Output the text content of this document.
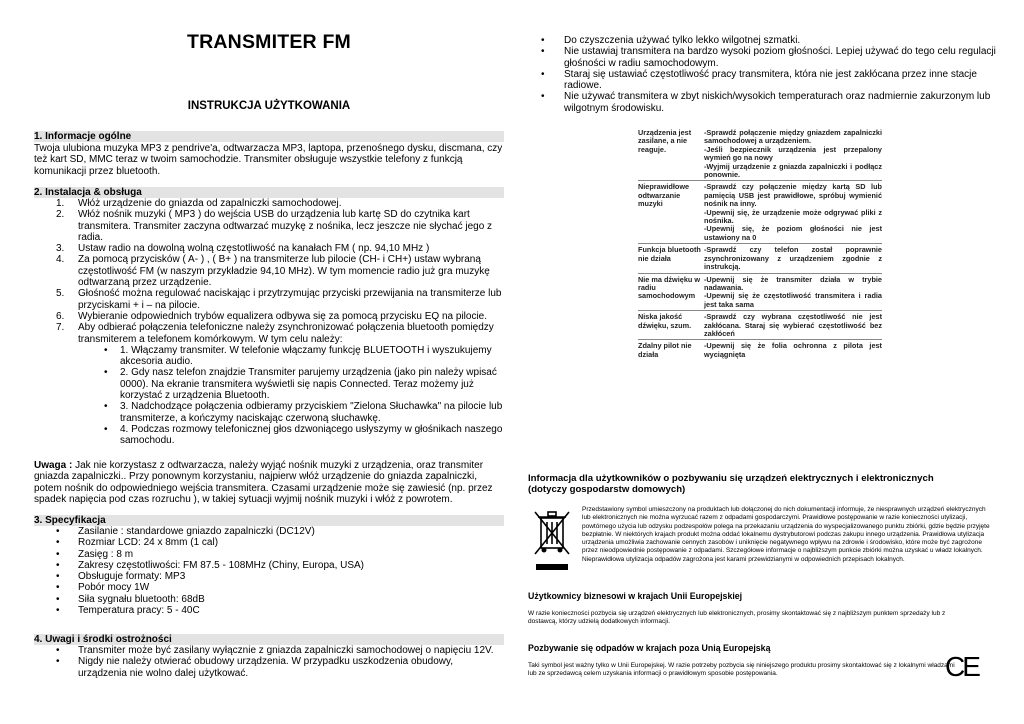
TRANSMITER FM
INSTRUKCJA UŻYTKOWANIA
1. Informacje ogólne
Twoja ulubiona muzyka MP3 z pendrive'a, odtwarzacza MP3, laptopa, przenośnego dysku, discmana, czy też kart SD, MMC teraz w twoim samochodzie. Transmiter obsługuje wszystkie telefony z funkcją komunikacji przez bluetooth.
2. Instalacja & obsługa
1. Włóż urządzenie do gniazda od zapalniczki samochodowej.
2. Włóż nośnik muzyki ( MP3 ) do wejścia USB do urządzenia lub kartę SD do czytnika kart transmitera. Transmiter zaczyna odtwarzać muzykę z nośnika, lecz jeszcze nie słychać jego z radia.
3. Ustaw radio na dowolną wolną częstotliwość na kanałach FM ( np. 94,10 MHz )
4. Za pomocą przycisków ( A- ) , ( B+ ) na transmiterze lub pilocie (CH- i CH+) ustaw wybraną częstotliwość FM (w naszym przykładzie 94,10 MHz). W tym momencie radio już gra muzykę odtwarzaną przez urządzenie.
5. Głośność można regulować naciskając i przytrzymując przyciski przewijania na transmiterze lub przyciskami + i – na pilocie.
6. Wybieranie odpowiednich trybów equalizera odbywa się za pomocą przycisku EQ na pilocie.
7. Aby odbierać połączenia telefoniczne należy zsynchronizować połączenia bluetooth pomiędzy transmiterem a telefonem komórkowym. W tym celu należy:
• 1. Włączamy transmiter. W telefonie włączamy funkcję BLUETOOTH i wyszukujemy akcesoria audio.
• 2. Gdy nasz telefon znajdzie Transmiter parujemy urządzenia (jako pin należy wpisać 0000). Na ekranie transmitera wyświetli się napis Connected. Teraz możemy już korzystać z urządzenia Bluetooth.
• 3. Nadchodzące połączenia odbieramy przyciskiem "Zielona Słuchawka" na pilocie lub transmiterze, a kończymy naciskając czerwoną słuchawkę.
• 4. Podczas rozmowy telefonicznej głos dzwoniącego usłyszymy w głośnikach naszego samochodu.
Uwaga : Jak nie korzystasz z odtwarzacza, należy wyjąć nośnik muzyki z urządzenia, oraz transmiter gniazda zapalniczki.. Przy ponownym korzystaniu, najpierw włóż urządzenie do gniazda zapalniczki, potem nośnik do odpowiedniego wejścia transmitera. Czasami urządzenie może się zawiesić (np. przez spadek napięcia pod czas rozruchu ), w takiej sytuacji wyjmij nośnik muzyki i włóż z powrotem.
3. Specyfikacja
• Zasilanie : standardowe gniazdo zapalniczki (DC12V)
• Rozmiar LCD: 24 x 8mm (1 cal)
• Zasięg : 8 m
• Zakresy częstotliwości: FM 87.5 - 108MHz (Chiny, Europa, USA)
• Obsługuje formaty: MP3
• Pobór mocy 1W
• Siła sygnału bluetooth: 68dB
• Temperatura pracy: 5 - 40C
4. Uwagi i środki ostrożności
• Transmiter może być zasilany wyłącznie z gniazda zapalniczki samochodowej o napięciu 12V.
• Nigdy nie należy otwierać obudowy urządzenia. W przypadku uszkodzenia obudowy, urządzenia nie wolno dalej użytkować.
• Do czyszczenia używać tylko lekko wilgotnej szmatki.
• Nie ustawiaj transmitera na bardzo wysoki poziom głośności. Lepiej używać do tego celu regulacji głośności w radiu samochodowym.
• Staraj się ustawiać częstotliwość pracy transmitera, która nie jest zakłócana przez inne stacje radiowe.
• Nie używać transmitera w zbyt niskich/wysokich temperaturach oraz nadmiernie zakurzonym lub wilgotnym środowisku.
Urządzenia jest zasilane, a nie reaguje.

-Sprawdź połączenie między gniazdem zapalniczki samochodowej a urządzeniem.

-Jeśli bezpiecznik urządzenia jest przepalony wymień go na nowy

-Wyjmij urządzenie z gniazda zapalniczki i podłącz ponownie.

Nieprawidłowe odtwarzanie muzyki

-Sprawdź czy połączenie między kartą SD lub pamięcią USB jest prawidłowe, spróbuj wymienić nośnik na inny.

-Upewnij się, że urządzenie może odgrywać pliki z nośnika.

-Upewnij się, że poziom głośności nie jest ustawiony na 0

Funkcja bluetooth nie działa

-Sprawdź czy telefon został poprawnie zsynchronizowany z urządzeniem zgodnie z instrukcją.

Nie ma dźwięku w radiu samochodowym

-Upewnij się że transmiter działa w trybie nadawania.

-Upewnij się że częstotliwość transmitera i radia jest taka sama

Niska jakość dźwięku, szum.

-Sprawdź czy wybrana częstotliwość nie jest zakłócana. Staraj się wybierać częstotliwość bez zakłóceń

Zdalny pilot nie działa

-Upewnij się że folia ochronna z pilota jest wyciągnięta

Informacja dla użytkowników o pozbywaniu się urządzeń elektrycznych i elektronicznych (dotyczy gospodarstw domowych)
Przedstawiony symbol umieszczony na produktach lub dołączonej do nich dokumentacji informuje, że niesprawnych urządzeń elektrycznych lub elektronicznych nie można wyrzucać razem z odpadami gospodarczymi. Prawidłowe postępowanie w razie konieczności utylizacji, powtórnego użycia lub odzysku podzespołów polega na przekazaniu urządzenia do wyspecjalizowanego punktu zbiórki, gdzie będzie przyjęte bezpłatnie. W niektórych krajach produkt można oddać lokalnemu dystrybutorowi podczas zakupu innego urządzenia. Prawidłowa utylizacja urządzenia umożliwia zachowanie cennych zasobów i uniknięcie negatywnego wpływu na zdrowie i środowisko, które może być zagrożone przez nieodpowiednie postępowanie z odpadami. Szczegółowe informacje o najbliższym punkcie zbiórki można uzyskać u władz lokalnych. Nieprawidłowa utylizacja odpadów zagrożona jest karami przewidzianymi w odpowiednich przepisach lokalnych.
Użytkownicy biznesowi w krajach Unii Europejskiej
W razie konieczności pozbycia się urządzeń elektrycznych lub elektronicznych, prosimy skontaktować się z najbliższym punktem sprzedaży lub z dostawcą, którzy udzielą dodatkowych informacji.
Pozbywanie się odpadów w krajach poza Unią Europejską
Taki symbol jest ważny tylko w Unii Europejskej. W razie potrzeby pozbycia się niniejszego produktu prosimy skontaktować się z lokalnymi władzami lub ze sprzedawcą celem uzyskania informacji o prawidłowym sposobie postępowania.	CE
